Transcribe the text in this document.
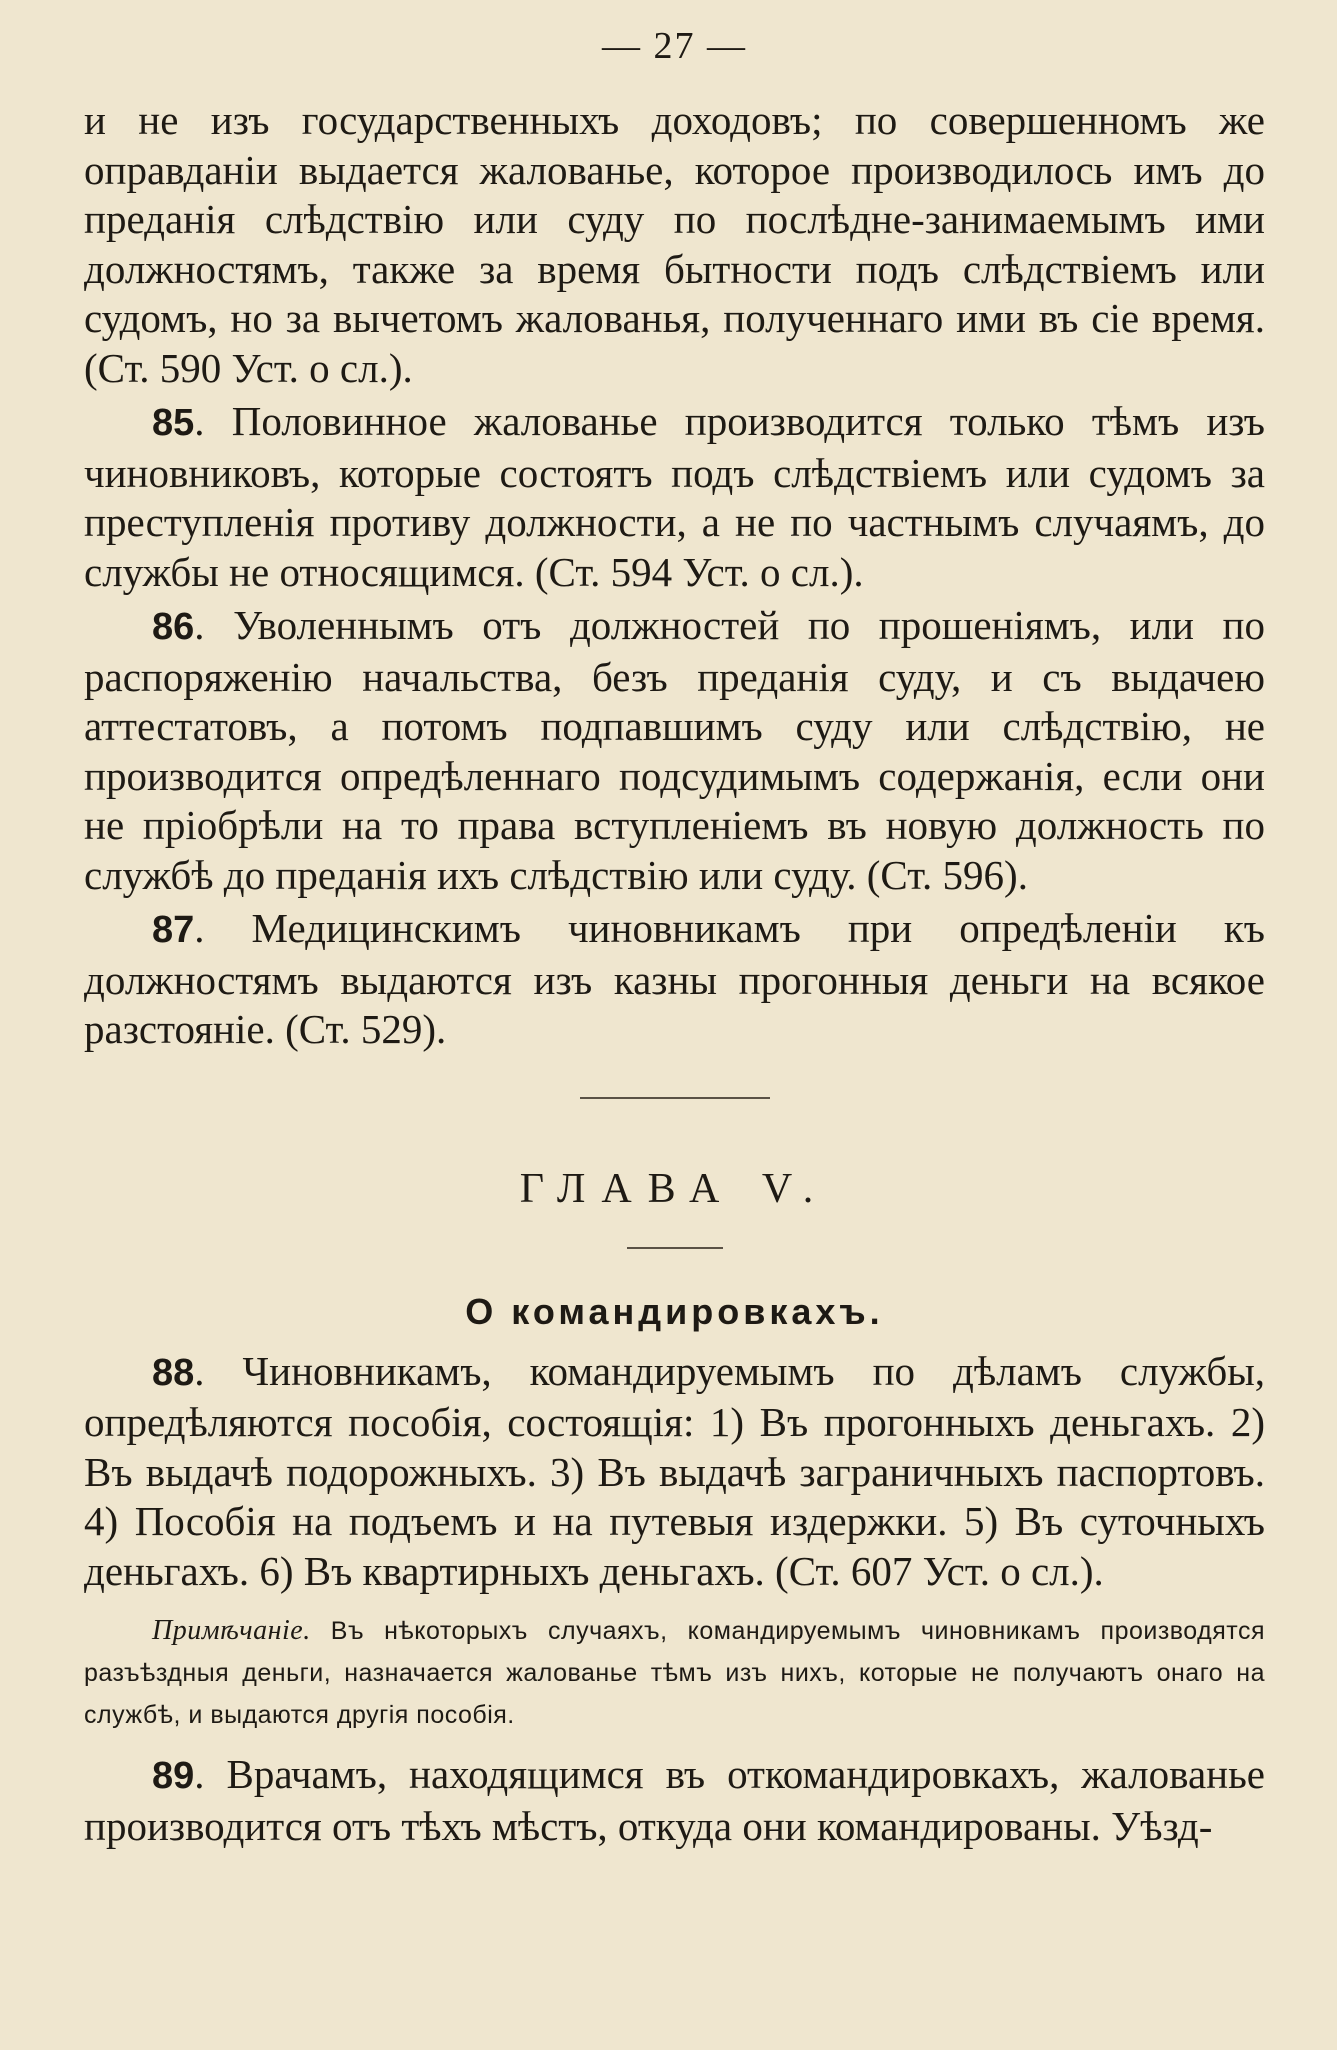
— 27 —

и не изъ государственныхъ доходовъ; по совершенномъ же оправданіи выдается жалованье, которое производилось имъ до преданія слѣдствію или суду по послѣдне-занимаемымъ ими должностямъ, также за время бытности подъ слѣдствіемъ или судомъ, но за вычетомъ жалованья, полученнаго ими въ сіе время. (Ст. 590 Уст. о сл.).

85. Половинное жалованье производится только тѣмъ изъ чиновниковъ, которые состоятъ подъ слѣдствіемъ или судомъ за преступленія противу должности, а не по частнымъ случаямъ, до службы не относящимся. (Ст. 594 Уст. о сл.).

86. Уволеннымъ отъ должностей по прошеніямъ, или по распоряженію начальства, безъ преданія суду, и съ выдачею аттестатовъ, а потомъ подпавшимъ суду или слѣдствію, не производится опредѣленнаго подсудимымъ содержанія, если они не пріобрѣли на то права вступленіемъ въ новую должность по службѣ до преданія ихъ слѣдствію или суду. (Ст. 596).

87. Медицинскимъ чиновникамъ при опредѣленіи къ должностямъ выдаются изъ казны прогонныя деньги на всякое разстояніе. (Ст. 529).

ГЛАВА V.
О командировкахъ.

88. Чиновникамъ, командируемымъ по дѣламъ службы, опредѣляются пособія, состоящія: 1) Въ прогонныхъ деньгахъ. 2) Въ выдачѣ подорожныхъ. 3) Въ выдачѣ заграничныхъ паспортовъ. 4) Пособія на подъемъ и на путевыя издержки. 5) Въ суточныхъ деньгахъ. 6) Въ квартирныхъ деньгахъ. (Ст. 607 Уст. о сл.).

Примѣчаніе. Въ нѣкоторыхъ случаяхъ, командируемымъ чиновникамъ производятся разъѣздныя деньги, назначается жалованье тѣмъ изъ нихъ, которые не получаютъ онаго на службѣ, и выдаются другія пособія.

89. Врачамъ, находящимся въ откомандировкахъ, жалованье производится отъ тѣхъ мѣстъ, откуда они командированы. Уѣзд-
